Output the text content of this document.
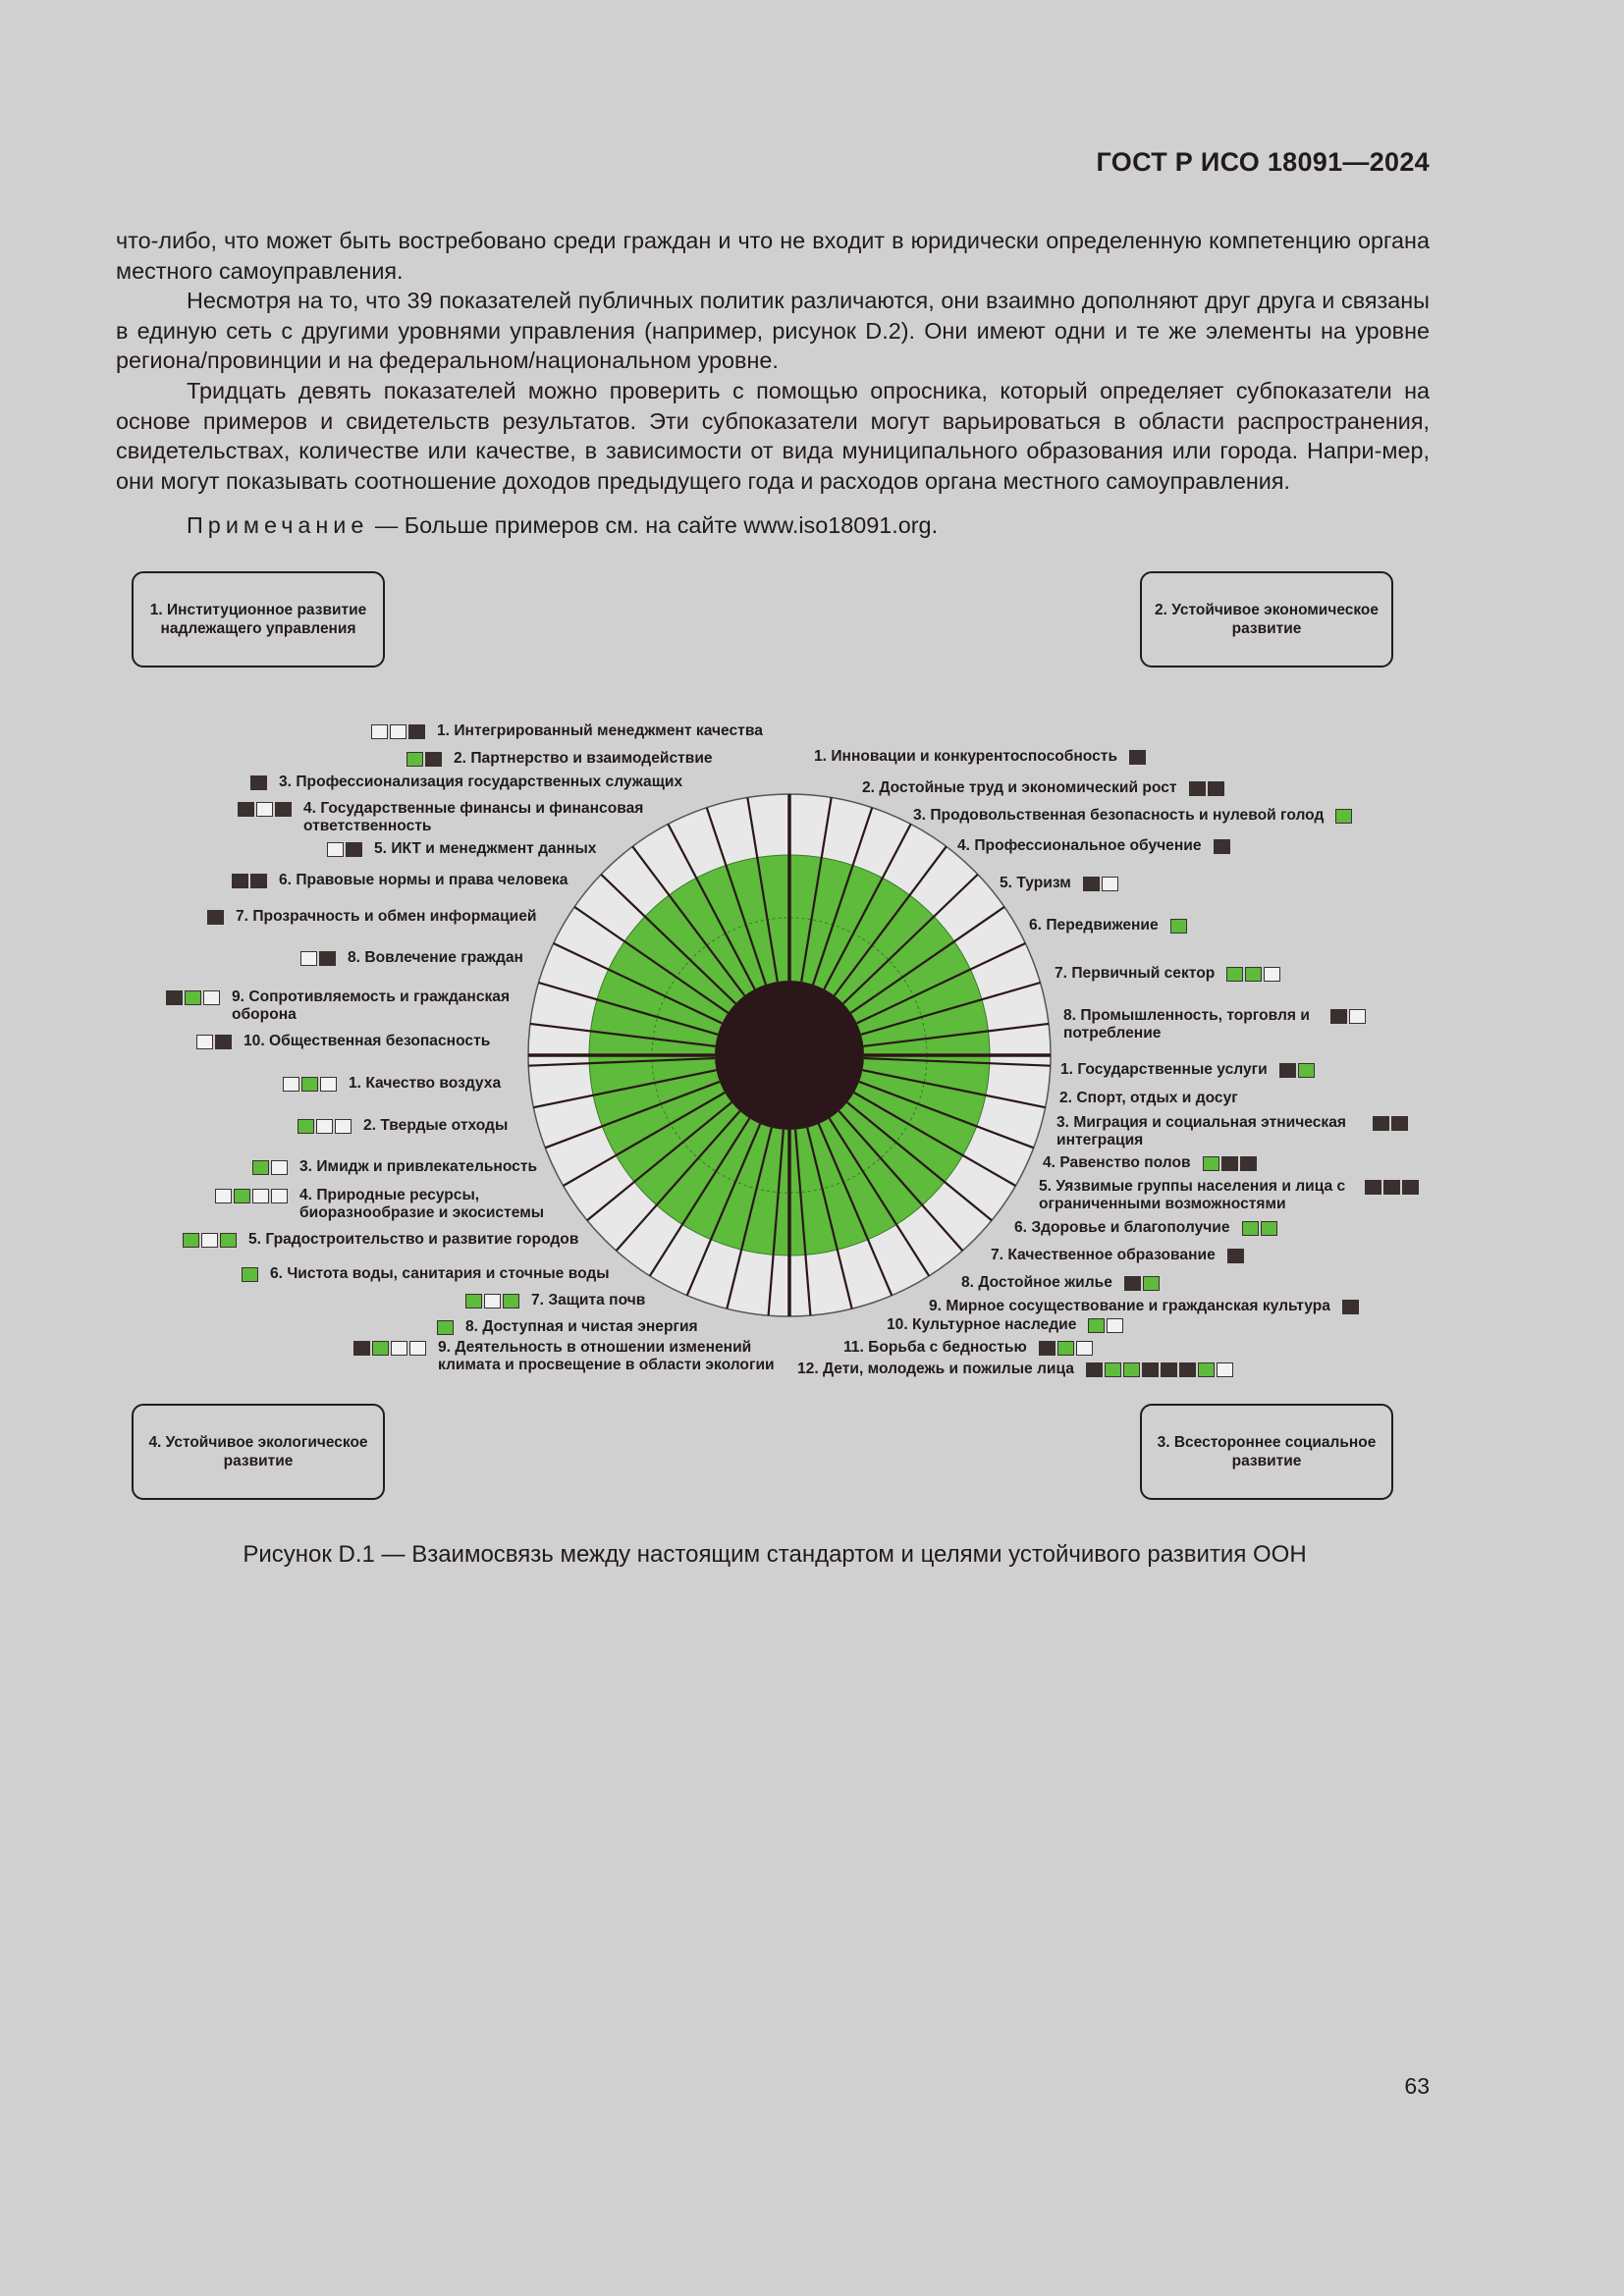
ГОСТ Р ИСО 18091—2024

что-либо, что может быть востребовано среди граждан и что не входит в юридически определенную компетенцию органа местного самоуправления.

Несмотря на то, что 39 показателей публичных политик различаются, они взаимно дополняют друг друга и связаны в единую сеть с другими уровнями управления (например, рисунок D.2). Они имеют одни и те же элементы на уровне региона/провинции и на федеральном/национальном уровне.

Тридцать девять показателей можно проверить с помощью опросника, который определяет субпоказатели на основе примеров и свидетельств результатов. Эти субпоказатели могут варьироваться в области распространения, свидетельствах, количестве или качестве, в зависимости от вида муниципального образования или города. Напри-мер, они могут показывать соотношение доходов предыдущего года и расходов органа местного самоуправления.

Примечание — Больше примеров см. на сайте www.iso18091.org.
1. Институционное развитие надлежащего управления
2. Устойчивое экономическое развитие
4. Устойчивое экологическое развитие
3. Всестороннее социальное развитие
1. Интегрированный менеджмент качества
2. Партнерство и взаимодействие
3. Профессионализация государственных служащих
4. Государственные финансы и финансовая ответственность
5. ИКТ и менеджмент данных
6. Правовые нормы и права человека
7. Прозрачность и обмен информацией
8. Вовлечение граждан
9. Сопротивляемость и гражданская оборона
10. Общественная безопасность
1. Качество воздуха
2. Твердые отходы
3. Имидж и привлекательность
4. Природные ресурсы, биоразнообразие и экосистемы
5. Градостроительство и развитие городов
6. Чистота воды, санитария и сточные воды
7. Защита почв
8. Доступная и чистая энергия
9. Деятельность в отношении изменений климата и просвещение в области экологии
1. Инновации и конкурентоспособность
2. Достойные труд и экономический рост
3. Продовольственная безопасность и нулевой голод
4. Профессиональное обучение
5. Туризм
6. Передвижение
7. Первичный сектор
8. Промышленность, торговля и потребление
1. Государственные услуги
2. Спорт, отдых и досуг
3. Миграция и социальная этническая интеграция
4. Равенство полов
5. Уязвимые группы населения и лица с ограниченными возможностями
6. Здоровье и благополучие
7. Качественное образование
8. Достойное жилье
9. Мирное сосуществование и гражданская культура
10. Культурное наследие
11. Борьба с бедностью
12. Дети, молодежь и пожилые лица
Рисунок D.1 — Взаимосвязь между настоящим стандартом и целями устойчивого развития ООН
63
